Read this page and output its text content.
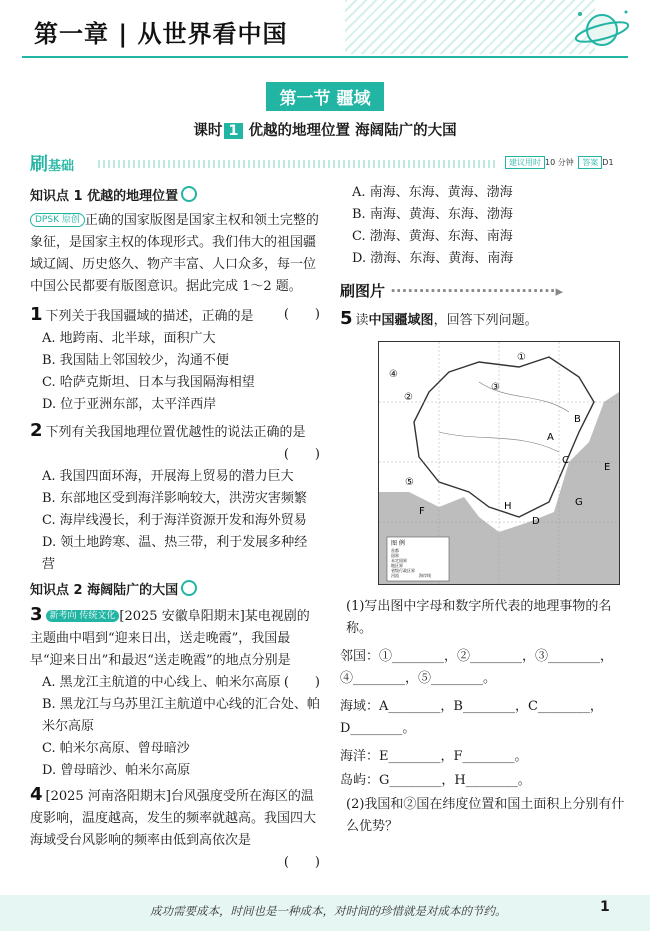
第一章 | 从世界看中国
第一节 疆域
课时 1 优越的地理位置 海阔陆广的大国
刷基础	建议用时 10 分钟 答案 D1

知识点 1 优越的地理位置

DPSK 原创 正确的国家版图是国家主权和领土完整的象征，是国家主权的体现形式。我们伟大的祖国疆域辽阔、历史悠久、物产丰富、人口众多，每一位中国公民都要有版图意识。据此完成 1～2 题。

1 下列关于我国疆域的描述，正确的是 (　　)

A. 地跨南、北半球，面积广大

B. 我国陆上邻国较少，沟通不便

C. 哈萨克斯坦、日本与我国隔海相望

D. 位于亚洲东部，太平洋西岸

2 下列有关我国地理位置优越性的说法正确的是

(　　)

A. 我国四面环海，开展海上贸易的潜力巨大

B. 东部地区受到海洋影响较大，洪涝灾害频繁

C. 海岸线漫长，利于海洋资源开发和海外贸易

D. 领土地跨寒、温、热三带，利于发展多种经营

知识点 2 海阔陆广的大国

3 新考向 传统文化 [2025 安徽阜阳期末]某电视剧的主题曲中唱到“迎来日出，送走晚霞”，我国最早“迎来日出”和最迟“送走晚霞”的地点分别是
(　　)

A. 黑龙江主航道的中心线上、帕米尔高原

B. 黑龙江与乌苏里江主航道中心线的汇合处、帕米尔高原

C. 帕米尔高原、曾母暗沙

D. 曾母暗沙、帕米尔高原

4 [2025 河南洛阳期末]台风强度受所在海区的温度影响，温度越高，发生的频率就越高。我国四大海域受台风影响的频率由低到高依次是

(　　)

A. 南海、东海、黄海、渤海

B. 南海、黄海、东海、渤海

C. 渤海、黄海、东海、南海

D. 渤海、东海、黄海、南海

刷图片 ·····························▸

5 读中国疆域图，回答下列问题。

图 例
首都
国界
未定国界
地区界
省级行政区界
河流	海岸线
①
②
③
④
⑤
A
B
C
D
E
F
G
H

(1)写出图中字母和数字所代表的地理事物的名称。

邻国：①________，②________，③________，④________，⑤________。

海域：A________，B________，C________，D________。

海洋：E________，F________。

岛屿：G________，H________。

(2)我国和②国在纬度位置和国土面积上分别有什么优势？

成功需要成本，时间也是一种成本，对时间的珍惜就是对成本的节约。	1
